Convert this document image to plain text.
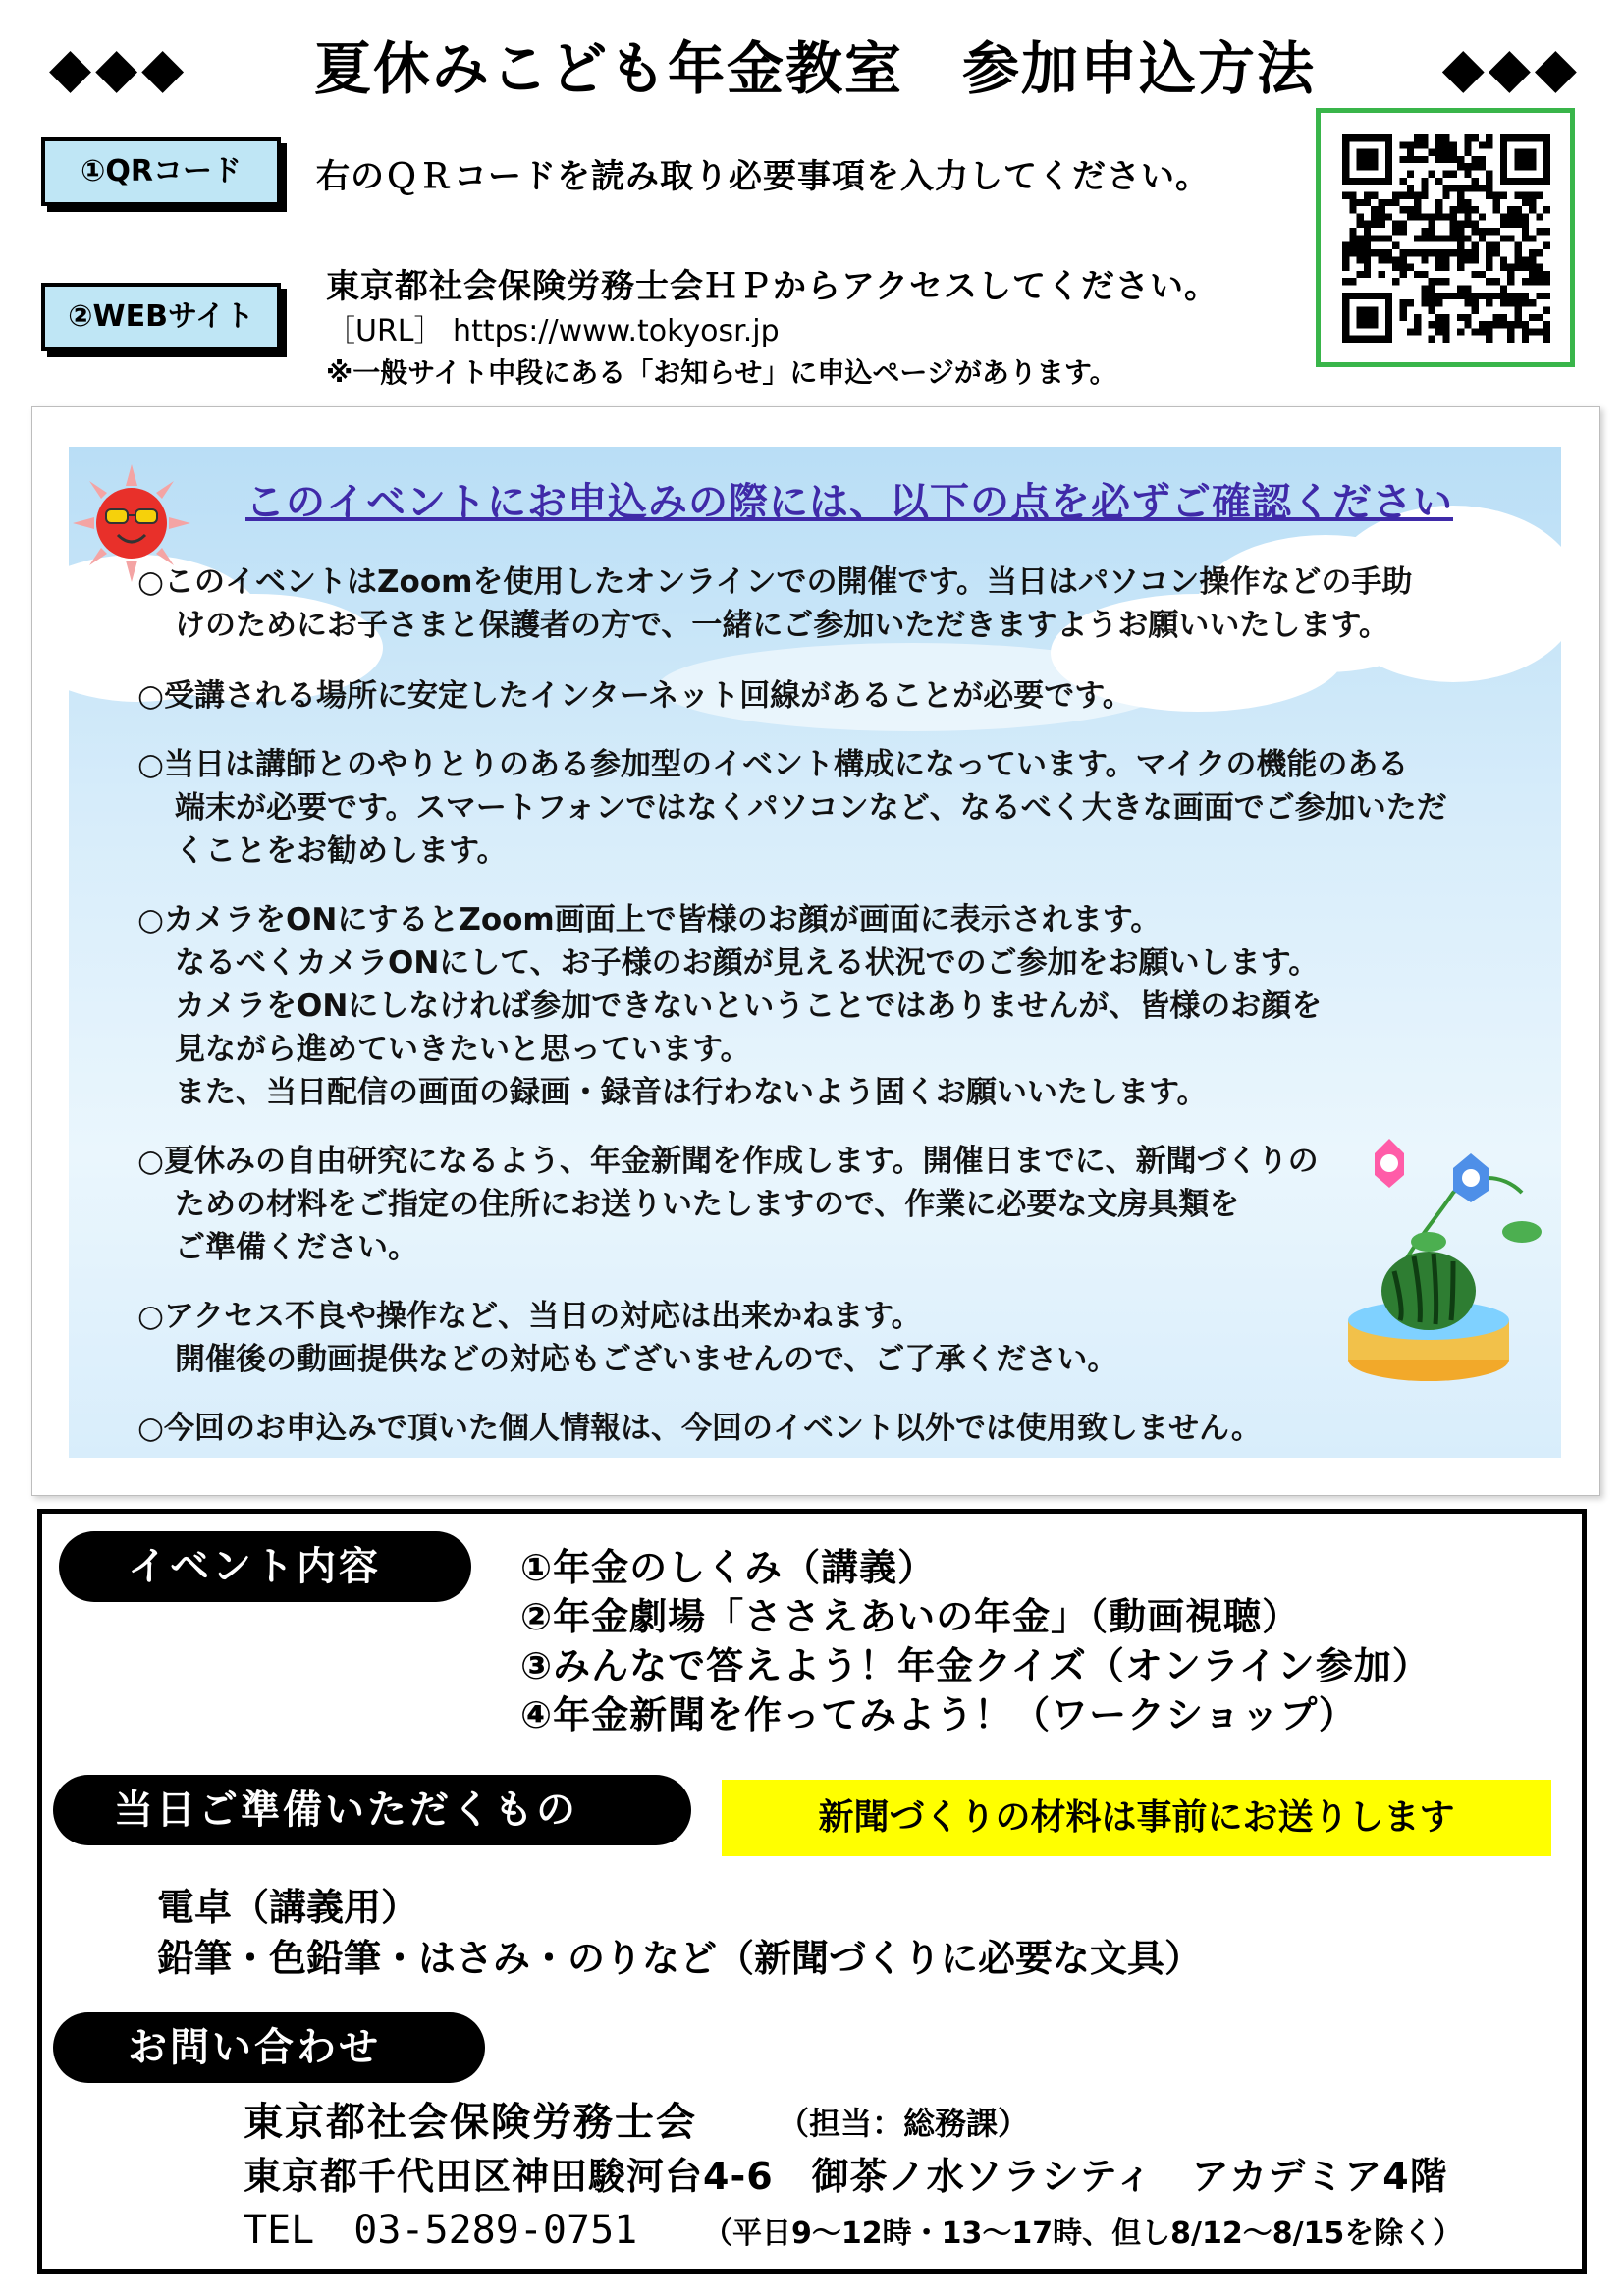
◆◆◆	夏休みこども年金教室　参加申込方法	◆◆◆
①QRコード	右のＱＲコードを読み取り必要事項を入力してください。
②WEBサイト
東京都社会保険労務士会ＨＰからアクセスしてください。
［URL］ https://www.tokyosr.jp
※一般サイト中段にある「お知らせ」に申込ページがあります。
このイベントにお申込みの際には、以下の点を必ずご確認ください
○このイベントはZoomを使用したオンラインでの開催です。当日はパソコン操作などの手助
けのためにお子さまと保護者の方で、一緒にご参加いただきますようお願いいたします。
○受講される場所に安定したインターネット回線があることが必要です。
○当日は講師とのやりとりのある参加型のイベント構成になっています。マイクの機能のある
端末が必要です。スマートフォンではなくパソコンなど、なるべく大きな画面でご参加いただ
くことをお勧めします。
○カメラをONにするとZoom画面上で皆様のお顔が画面に表示されます。
なるべくカメラONにして、お子様のお顔が見える状況でのご参加をお願いします。
カメラをONにしなければ参加できないということではありませんが、皆様のお顔を
見ながら進めていきたいと思っています。
また、当日配信の画面の録画・録音は行わないよう固くお願いいたします。
○夏休みの自由研究になるよう、年金新聞を作成します。開催日までに、新聞づくりの
ための材料をご指定の住所にお送りいたしますので、作業に必要な文房具類を
ご準備ください。
○アクセス不良や操作など、当日の対応は出来かねます。
開催後の動画提供などの対応もございませんので、ご了承ください。
○今回のお申込みで頂いた個人情報は、今回のイベント以外では使用致しません。
イベント内容	①年金のしくみ（講義）
②年金劇場「ささえあいの年金」（動画視聴）
③みんなで答えよう！年金クイズ（オンライン参加）
④年金新聞を作ってみよう！（ワークショップ）
当日ご準備いただくもの	新聞づくりの材料は事前にお送りします
電卓（講義用）
鉛筆・色鉛筆・はさみ・のりなど（新聞づくりに必要な文具）
お問い合わせ
東京都社会保険労務士会	（担当：総務課）
東京都千代田区神田駿河台4-6　御茶ノ水ソラシティ　アカデミア4階
TEL　03-5289-0751 （平日9～12時・13～17時、但し8/12～8/15を除く）
